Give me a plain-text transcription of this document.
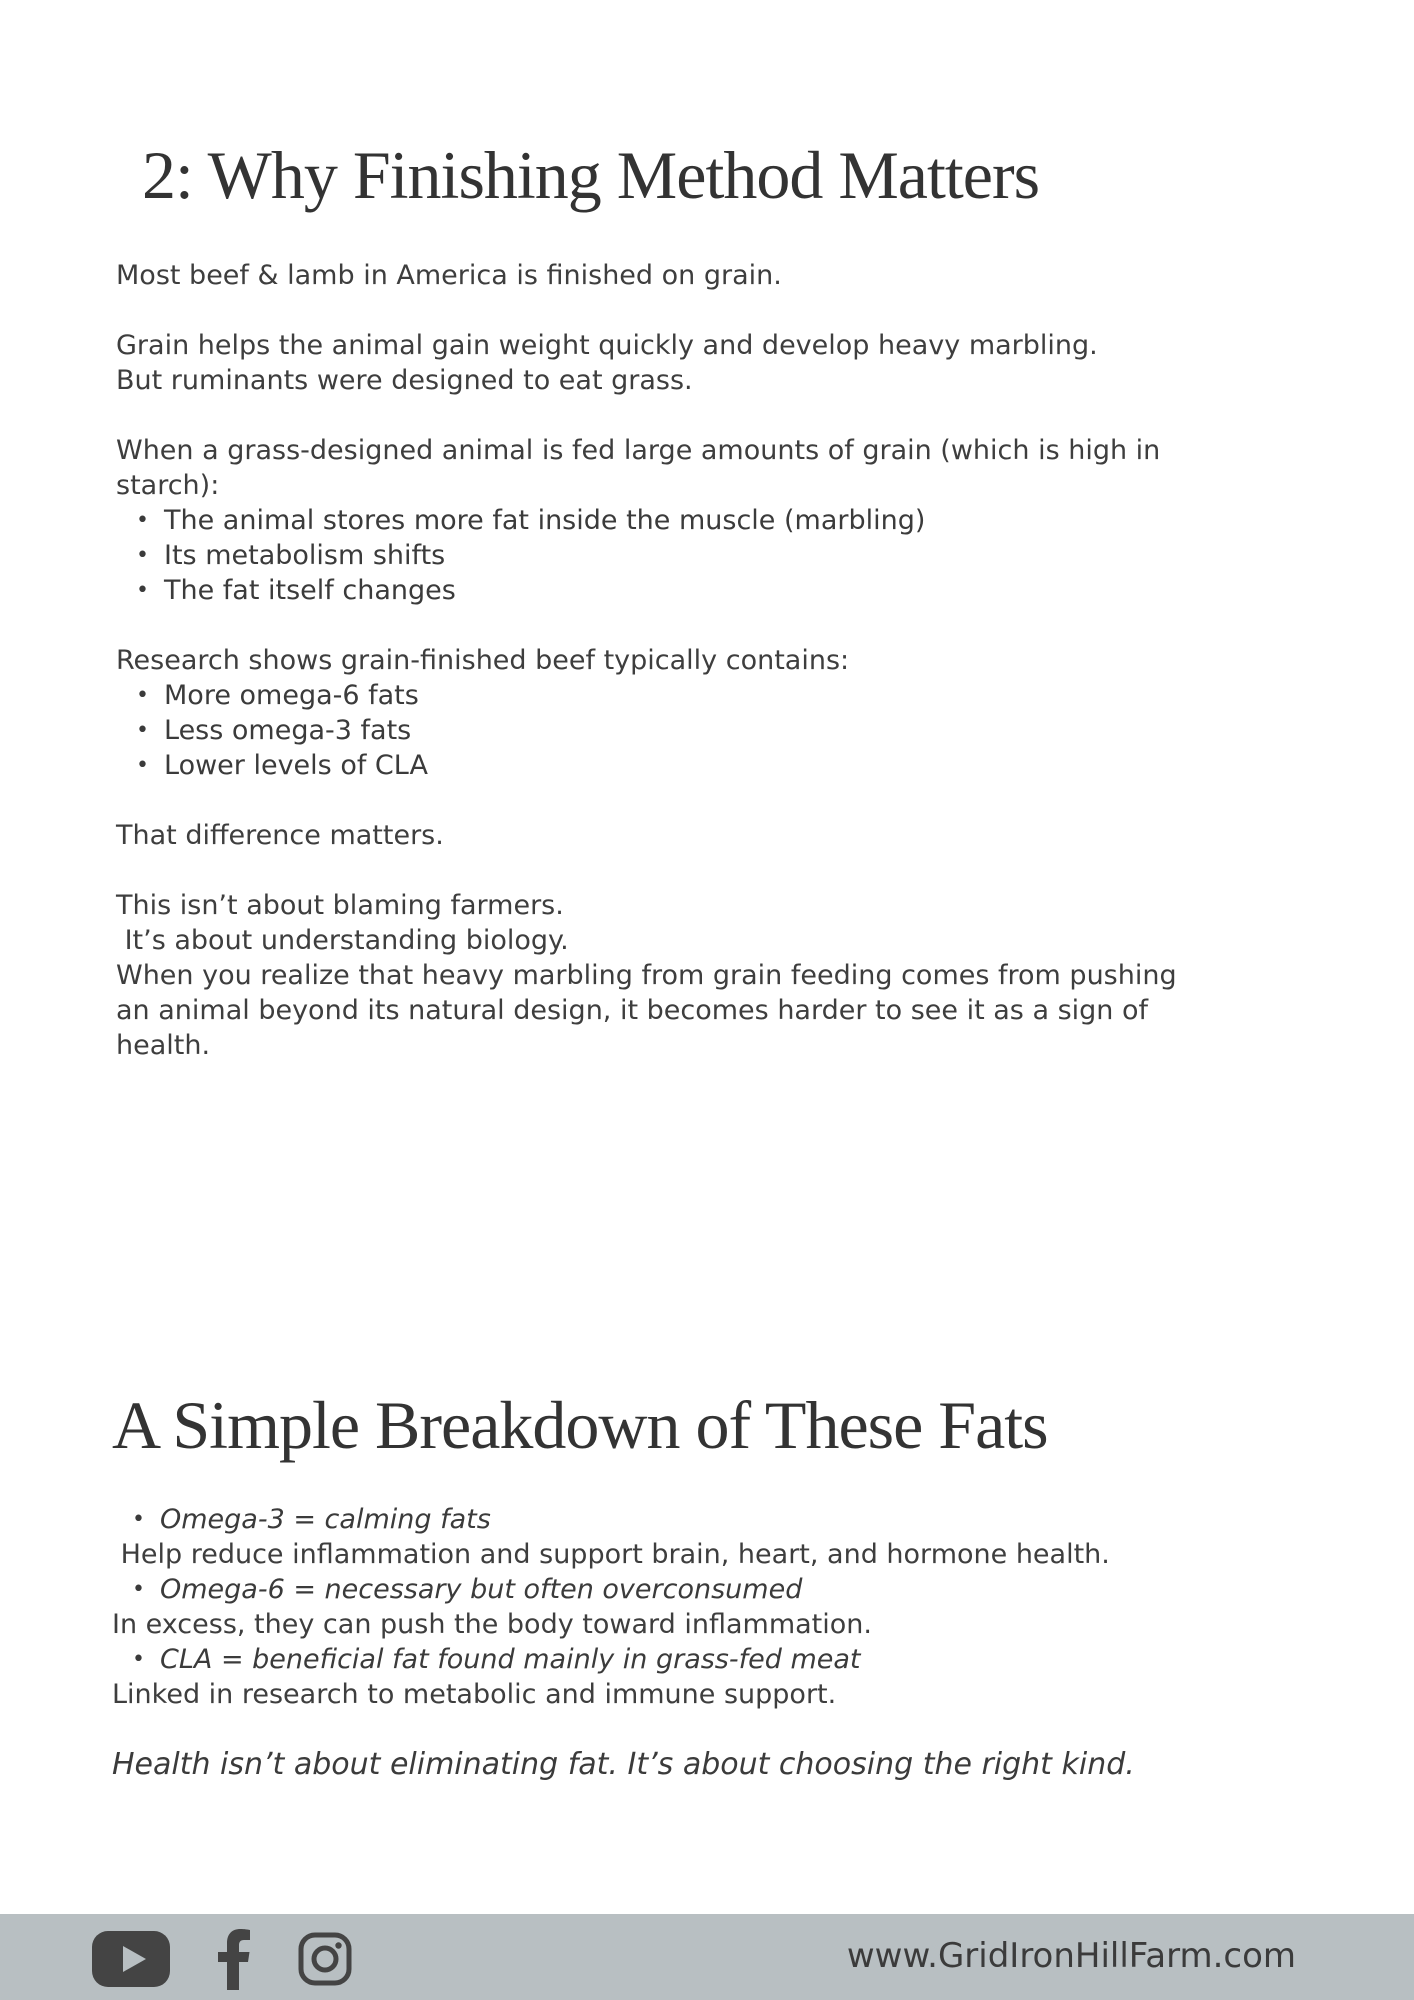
2: Why Finishing Method Matters
Most beef & lamb in America is finished on grain.
Grain helps the animal gain weight quickly and develop heavy marbling.
But ruminants were designed to eat grass.
When a grass-designed animal is fed large amounts of grain (which is high in
starch):
• The animal stores more fat inside the muscle (marbling)
• Its metabolism shifts
• The fat itself changes
Research shows grain-finished beef typically contains:
• More omega-6 fats
• Less omega-3 fats
• Lower levels of CLA
That difference matters.
This isn’t about blaming farmers.
It’s about understanding biology.
When you realize that heavy marbling from grain feeding comes from pushing
an animal beyond its natural design, it becomes harder to see it as a sign of
health.
A Simple Breakdown of These Fats
• Omega-3 = calming fats
Help reduce inflammation and support brain, heart, and hormone health.
• Omega-6 = necessary but often overconsumed
In excess, they can push the body toward inflammation.
• CLA = beneficial fat found mainly in grass-fed meat
Linked in research to metabolic and immune support.
Health isn’t about eliminating fat. It’s about choosing the right kind.
www.GridIronHillFarm.com
